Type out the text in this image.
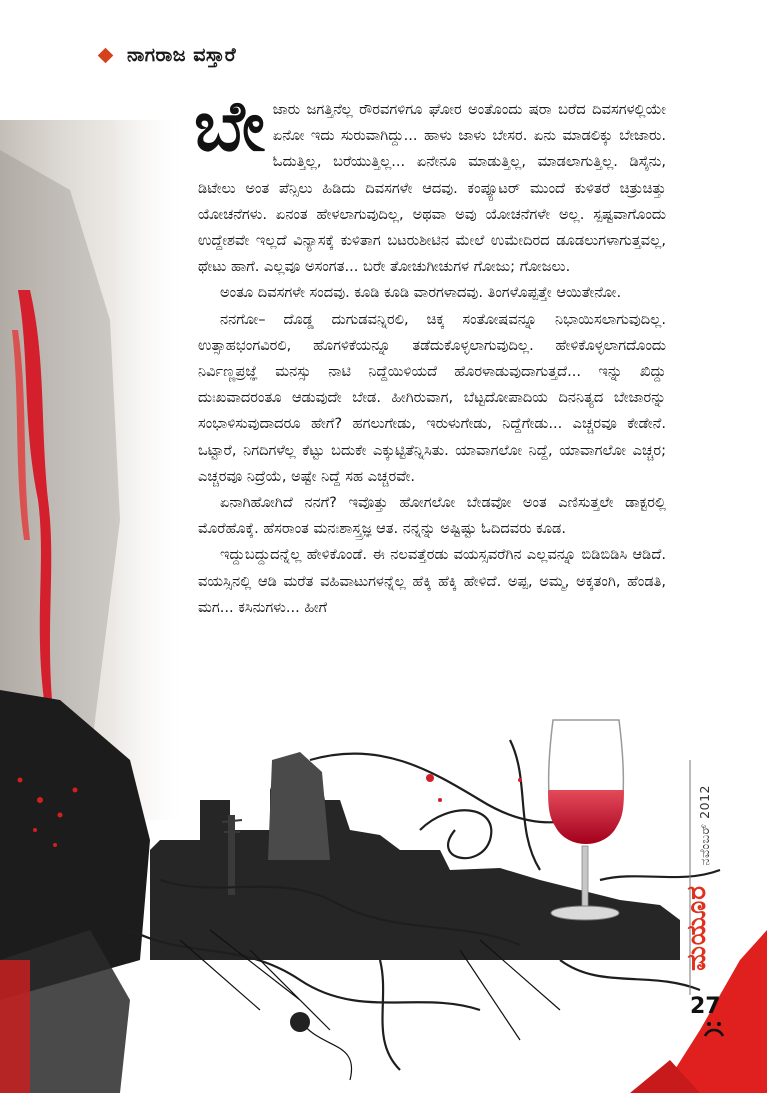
ನಾಗರಾಜ ವಸ್ತಾರೆ
ಬೇ ಜಾರು ಜಗತ್ತಿನೆಲ್ಲ ರೌರವಗಳಿಗೂ ಘೋರ ಅಂತೊಂದು ಷರಾ ಬರೆದ ದಿವಸಗಳಲ್ಲಿಯೇ ಏನೋ ಇದು ಸುರುವಾಗಿದ್ದು... ಹಾಳು ಜಾಳು ಬೇಸರ. ಏನು ಮಾಡಲಿಕ್ಕು ಬೇಜಾರು. ಓದುತ್ತಿಲ್ಲ, ಬರೆಯುತ್ತಿಲ್ಲ... ಏನೇನೂ ಮಾಡುತ್ತಿಲ್ಲ, ಮಾಡಲಾಗುತ್ತಿಲ್ಲ. ಡಿಸೈನು, ಡಿಟೇಲು ಅಂತ ಪೆನ್ಸಿಲು ಹಿಡಿದು ದಿವಸಗಳೇ ಆದವು. ಕಂಪ್ಯೂಟರ್ ಮುಂದೆ ಕುಳಿತರೆ ಚಿತ್ರುಚಿತ್ತು ಯೋಚನೆಗಳು. ಏನಂತ ಹೇಳಲಾಗುವುದಿಲ್ಲ, ಅಥವಾ ಅವು ಯೋಚನೆಗಳೇ ಅಲ್ಲ. ಸ್ಪಷ್ಟವಾಗೊಂದು ಉದ್ದೇಶವೇ ಇಲ್ಲದೆ ವಿನ್ಯಾಸಕ್ಕೆ ಕುಳಿತಾಗ ಬಟರುಶೀಟಿನ ಮೇಲೆ ಉಮೇದಿರದ ಡೂಡಲುಗಳಾಗುತ್ತವಲ್ಲ, ಥೇಟು ಹಾಗೆ. ಎಲ್ಲವೂ ಅಸಂಗತ... ಬರೇ ತೋಚುಗೀಚುಗಳ ಗೋಜು; ಗೋಜಲು.

ಅಂತೂ ದಿವಸಗಳೇ ಸಂದವು. ಕೂಡಿ ಕೂಡಿ ವಾರಗಳಾದವು. ತಿಂಗಳೊಪ್ಪತ್ತೇ ಆಯಿತೇನೋ.

ನನಗೋ– ದೊಡ್ಡ ದುಗುಡವನ್ನಿರಲಿ, ಚಿಕ್ಕ ಸಂತೋಷವನ್ನೂ ನಿಭಾಯಿಸಲಾಗುವುದಿಲ್ಲ. ಉತ್ಸಾಹಭಂಗವಿರಲಿ, ಹೊಗಳಿಕೆಯನ್ನೂ ತಡೆದುಕೊಳ್ಳಲಾಗುವುದಿಲ್ಲ. ಹೇಳಿಕೊಳ್ಳಲಾಗದೊಂದು ನಿರ್ವಿಣ್ಣಪ್ರಜ್ಞೆ ಮನಸ್ಸು ನಾಟಿ ನಿದ್ದೆಯಿಳಿಯದೆ ಹೊರಳಾಡುವುದಾಗುತ್ತದೆ... ಇನ್ನು ಖಿದ್ದು ದುಃಖವಾದರಂತೂ ಆಡುವುದೇ ಬೇಡ. ಹೀಗಿರುವಾಗ, ಬೆಟ್ಟದೋಪಾದಿಯ ದಿನನಿತ್ಯದ ಬೇಜಾರನ್ನು ಸಂಭಾಳಿಸುವುದಾದರೂ ಹೇಗೆ? ಹಗಲುಗೇಡು, ಇರುಳುಗೇಡು, ನಿದ್ದೆಗೇಡು... ಎಚ್ಚರವೂ ಕೇಡೇನೆ. ಒಟ್ಟಾರೆ, ನಿಗದಿಗಳೆಲ್ಲ ಕೆಟ್ಟು ಬದುಕೇ ಎಕ್ಕುಟ್ಟಿತೆನ್ನಿಸಿತು. ಯಾವಾಗಲೋ ನಿದ್ದೆ, ಯಾವಾಗಲೋ ಎಚ್ಚರ; ಎಚ್ಚರವೂ ನಿದ್ರೆಯೆ, ಅಷ್ಟೇ ನಿದ್ದೆ ಸಹ ಎಚ್ಚರವೇ.

ಏನಾಗಿಹೋಗಿದೆ ನನಗೆ? ಇವೊತ್ತು ಹೋಗಲೋ ಬೇಡವೋ ಅಂತ ಎಣಿಸುತ್ತಲೇ ಡಾಕ್ಟರಲ್ಲಿ ಮೊರೆಹೊಕ್ಕೆ. ಹೆಸರಾಂತ ಮನಃಶಾಸ್ತ್ರಜ್ಞ ಆತ. ನನ್ನನ್ನು ಅಷ್ಟಿಷ್ಟು ಓದಿದವರು ಕೂಡ.

ಇದ್ದುಬದ್ದುದನ್ನೆಲ್ಲ ಹೇಳಿಕೊಂಡೆ. ಈ ನಲವತ್ತೆರಡು ವಯಸ್ಸವರೆಗಿನ ಎಲ್ಲವನ್ನೂ ಬಿಡಿಬಿಡಿಸಿ ಆಡಿದೆ. ವಯಸ್ಸಿನಲ್ಲಿ ಆಡಿ ಮರೆತ ವಹಿವಾಟುಗಳನ್ನೆಲ್ಲ ಹೆಕ್ಕಿ ಹೆಕ್ಕಿ ಹೇಳಿದೆ. ಅಪ್ಪ, ಅಮ್ಮ, ಅಕ್ಕತಂಗಿ, ಹೆಂಡತಿ, ಮಗ... ಕಸಿನುಗಳು... ಹೀಗೆ

ನವೆಂಬರ್ 2012
ಮಯೂರ
27
